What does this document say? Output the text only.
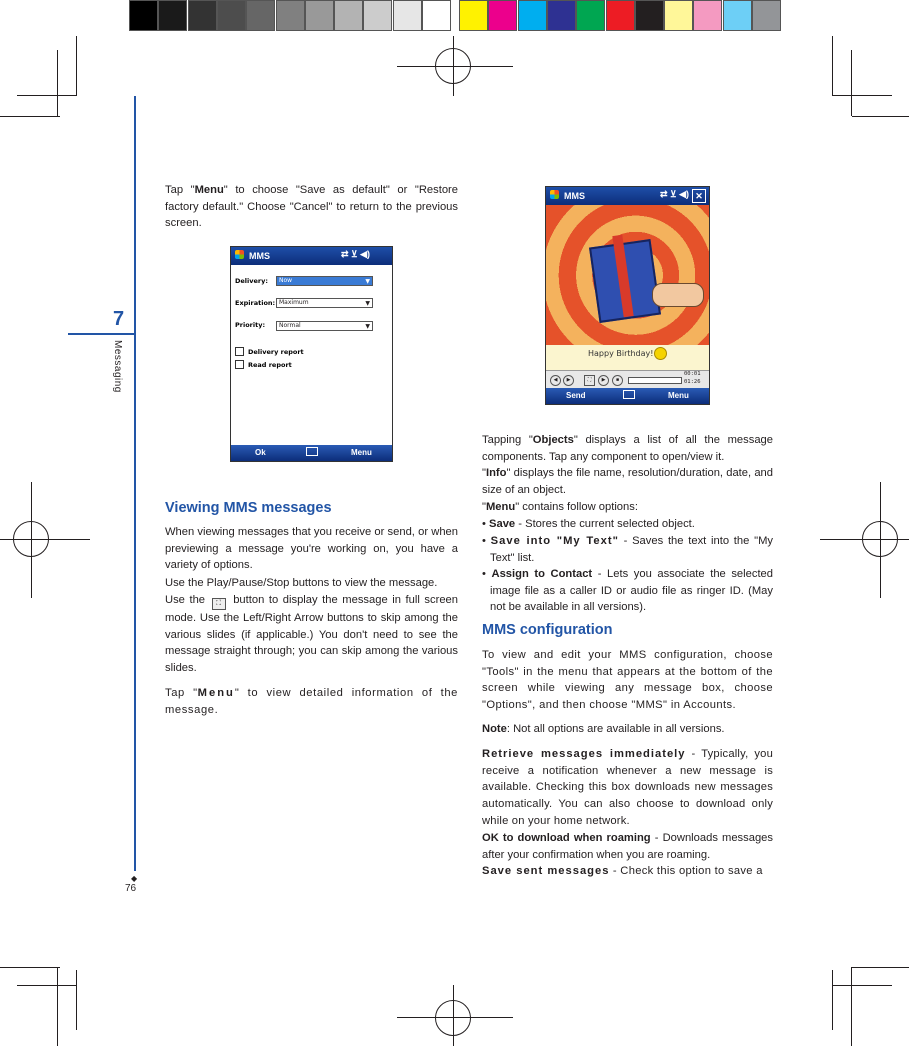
7
Messaging
◆
76
Tap "Menu" to choose "Save as default" or "Restore factory default." Choose "Cancel" to return to the previous screen.
MMS	⇄ ⊻ ◀)
Delivery:	Now	▼
Expiration: Maximum	▼
Priority:	Normal	▼
Delivery report
Read report
Ok	Menu
Viewing MMS messages
When viewing messages that you receive or send, or when previewing a message you're working on, you have a variety of options.
Use the Play/Pause/Stop buttons to view the message.
Use the ⛶ button to display the message in full screen mode. Use the Left/Right Arrow buttons to skip among the various slides (if applicable.) You don't need to see the message straight through; you can skip among the various slides.
Tap "Menu" to view detailed information of the message.
MMS	⇄ ⊻ ◀) ✕
Happy Birthday!
◀	▶	⛶	▶	■
00:01
01:26
Send	Menu
Tapping "Objects" displays a list of all the message components. Tap any component to open/view it.
"Info" displays the file name, resolution/duration, date, and size of an object.
"Menu" contains follow options:
• Save - Stores the current selected object.
• Save into "My Text" - Saves the text into the "My Text" list.
• Assign to Contact - Lets you associate the selected image file as a caller ID or audio file as ringer ID. (May not be available in all versions).
MMS configuration
To view and edit your MMS configuration, choose "Tools" in the menu that appears at the bottom of the screen while viewing any message box, choose "Options", and then choose "MMS" in Accounts.
Note: Not all options are available in all versions.
Retrieve messages immediately - Typically, you receive a notification whenever a new message is available. Checking this box downloads new messages automatically. You can also choose to download only while on your home network.
OK to download when roaming - Downloads messages after your confirmation when you are roaming.
Save sent messages - Check this option to save a
